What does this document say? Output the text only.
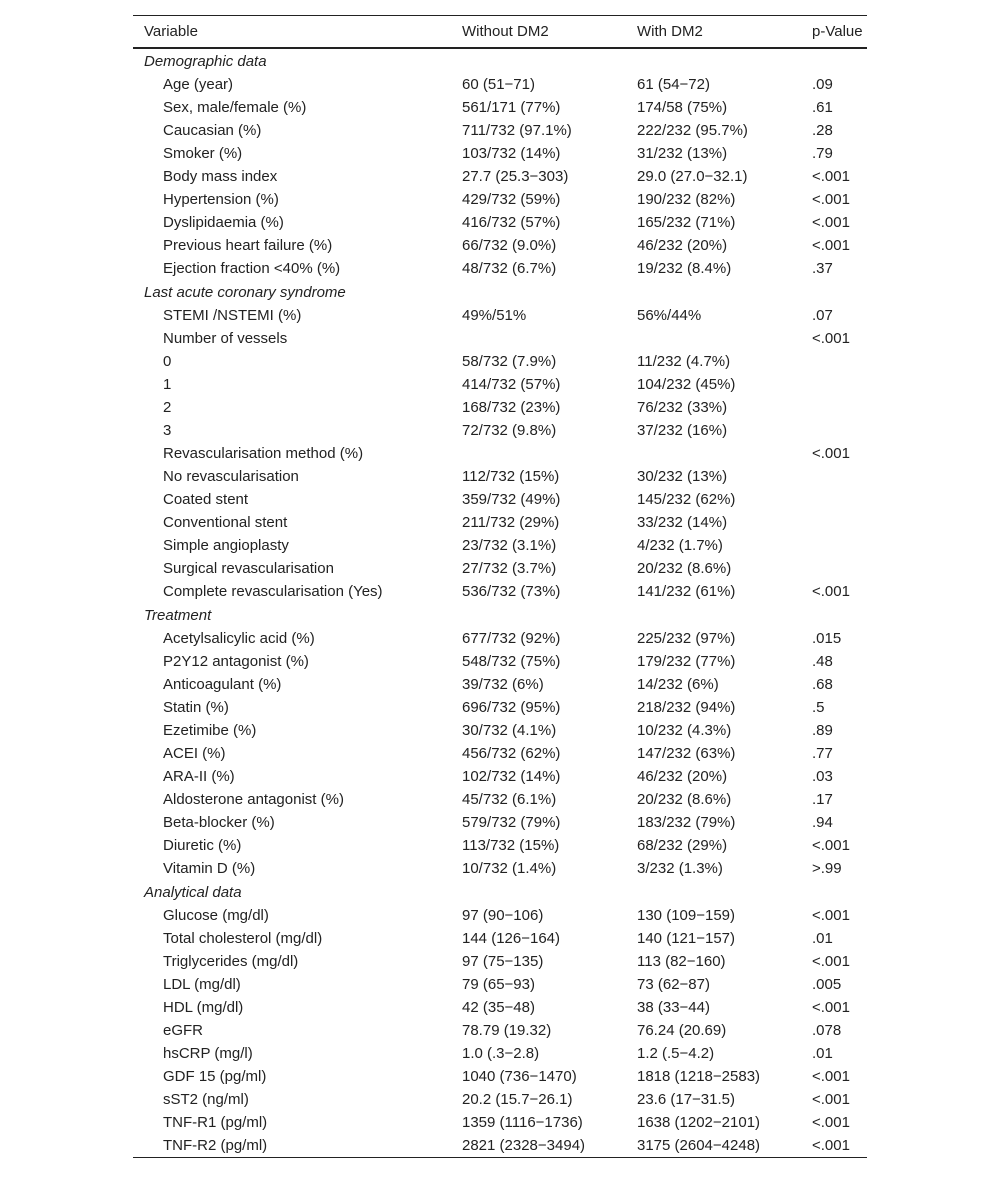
Variable	Without DM2	With DM2	p-Value
Demographic data			
Age (year)	60 (51−71)	61 (54−72)	.09
Sex, male/female (%)	561/171 (77%)	174/58 (75%)	.61
Caucasian (%)	711/732 (97.1%)	222/232 (95.7%)	.28
Smoker (%)	103/732 (14%)	31/232 (13%)	.79
Body mass index	27.7 (25.3−303)	29.0 (27.0−32.1)	<.001
Hypertension (%)	429/732 (59%)	190/232 (82%)	<.001
Dyslipidaemia (%)	416/732 (57%)	165/232 (71%)	<.001
Previous heart failure (%)	66/732 (9.0%)	46/232 (20%)	<.001
Ejection fraction <40% (%)	48/732 (6.7%)	19/232 (8.4%)	.37
Last acute coronary syndrome			
STEMI /NSTEMI (%)	49%/51%	56%/44%	.07
Number of vessels			<.001
0	58/732 (7.9%)	11/232 (4.7%)	
1	414/732 (57%)	104/232 (45%)	
2	168/732 (23%)	76/232 (33%)	
3	72/732 (9.8%)	37/232 (16%)	
Revascularisation method (%)			<.001
No revascularisation	112/732 (15%)	30/232 (13%)	
Coated stent	359/732 (49%)	145/232 (62%)	
Conventional stent	211/732 (29%)	33/232 (14%)	
Simple angioplasty	23/732 (3.1%)	4/232 (1.7%)	
Surgical revascularisation	27/732 (3.7%)	20/232 (8.6%)	
Complete revascularisation (Yes)	536/732 (73%)	141/232 (61%)	<.001
Treatment			
Acetylsalicylic acid (%)	677/732 (92%)	225/232 (97%)	.015
P2Y12 antagonist (%)	548/732 (75%)	179/232 (77%)	.48
Anticoagulant (%)	39/732 (6%)	14/232 (6%)	.68
Statin (%)	696/732 (95%)	218/232 (94%)	.5
Ezetimibe (%)	30/732 (4.1%)	10/232 (4.3%)	.89
ACEI (%)	456/732 (62%)	147/232 (63%)	.77
ARA-II (%)	102/732 (14%)	46/232 (20%)	.03
Aldosterone antagonist (%)	45/732 (6.1%)	20/232 (8.6%)	.17
Beta-blocker (%)	579/732 (79%)	183/232 (79%)	.94
Diuretic (%)	113/732 (15%)	68/232 (29%)	<.001
Vitamin D (%)	10/732 (1.4%)	3/232 (1.3%)	>.99
Analytical data			
Glucose (mg/dl)	97 (90−106)	130 (109−159)	<.001
Total cholesterol (mg/dl)	144 (126−164)	140 (121−157)	.01
Triglycerides (mg/dl)	97 (75−135)	113 (82−160)	<.001
LDL (mg/dl)	79 (65−93)	73 (62−87)	.005
HDL (mg/dl)	42 (35−48)	38 (33−44)	<.001
eGFR	78.79 (19.32)	76.24 (20.69)	.078
hsCRP (mg/l)	1.0 (.3−2.8)	1.2 (.5−4.2)	.01
GDF 15 (pg/ml)	1040 (736−1470)	1818 (1218−2583)	<.001
sST2 (ng/ml)	20.2 (15.7−26.1)	23.6 (17−31.5)	<.001
TNF-R1 (pg/ml)	1359 (1116−1736)	1638 (1202−2101)	<.001
TNF-R2 (pg/ml)	2821 (2328−3494)	3175 (2604−4248)	<.001
